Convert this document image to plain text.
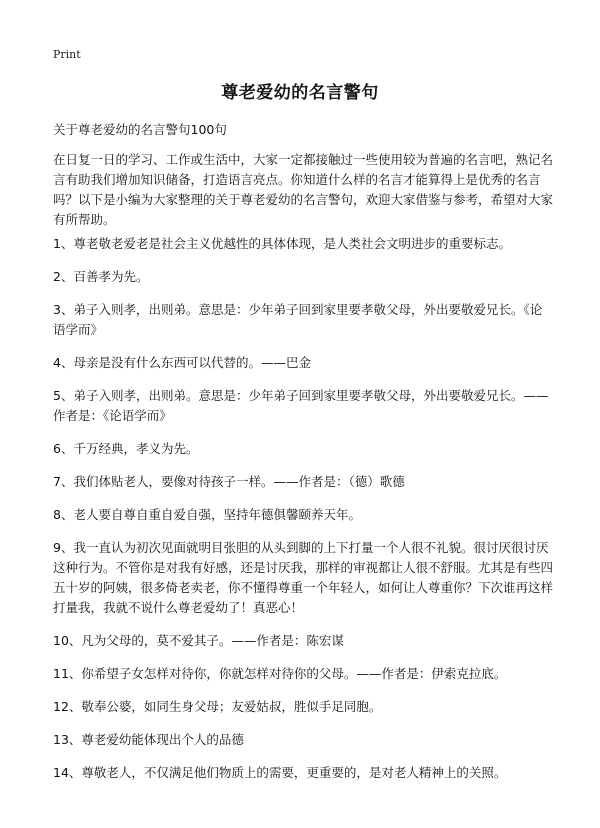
Print
尊老爱幼的名言警句

关于尊老爱幼的名言警句100句

在日复一日的学习、工作或生活中，大家一定都接触过一些使用较为普遍的名言吧，熟记名言有助我们增加知识储备，打造语言亮点。你知道什么样的名言才能算得上是优秀的名言吗？以下是小编为大家整理的关于尊老爱幼的名言警句，欢迎大家借鉴与参考，希望对大家有所帮助。

1、尊老敬老爱老是社会主义优越性的具体体现，是人类社会文明进步的重要标志。
2、百善孝为先。
3、弟子入则孝，出则弟。意思是：少年弟子回到家里要孝敬父母，外出要敬爱兄长。《论语学而》
4、母亲是没有什么东西可以代替的。——巴金
5、弟子入则孝，出则弟。意思是：少年弟子回到家里要孝敬父母，外出要敬爱兄长。——作者是：《论语学而》
6、千万经典，孝义为先。
7、我们体贴老人，要像对待孩子一样。——作者是：（德）歌德
8、老人要自尊自重自爱自强，坚持年德俱馨颐养天年。
9、我一直认为初次见面就明目张胆的从头到脚的上下打量一个人很不礼貌。很讨厌很讨厌这种行为。不管你是对我有好感，还是讨厌我，那样的审视都让人很不舒服。尤其是有些四五十岁的阿姨，很多倚老卖老，你不懂得尊重一个年轻人，如何让人尊重你？下次谁再这样打量我，我就不说什么尊老爱幼了！真恶心！
10、凡为父母的，莫不爱其子。——作者是：陈宏谋
11、你希望子女怎样对待你，你就怎样对待你的父母。——作者是：伊索克拉底。
12、敬奉公婆，如同生身父母；友爱姑叔，胜似手足同胞。
13、尊老爱幼能体现出个人的品德
14、尊敬老人，不仅满足他们物质上的需要，更重要的，是对老人精神上的关照。
